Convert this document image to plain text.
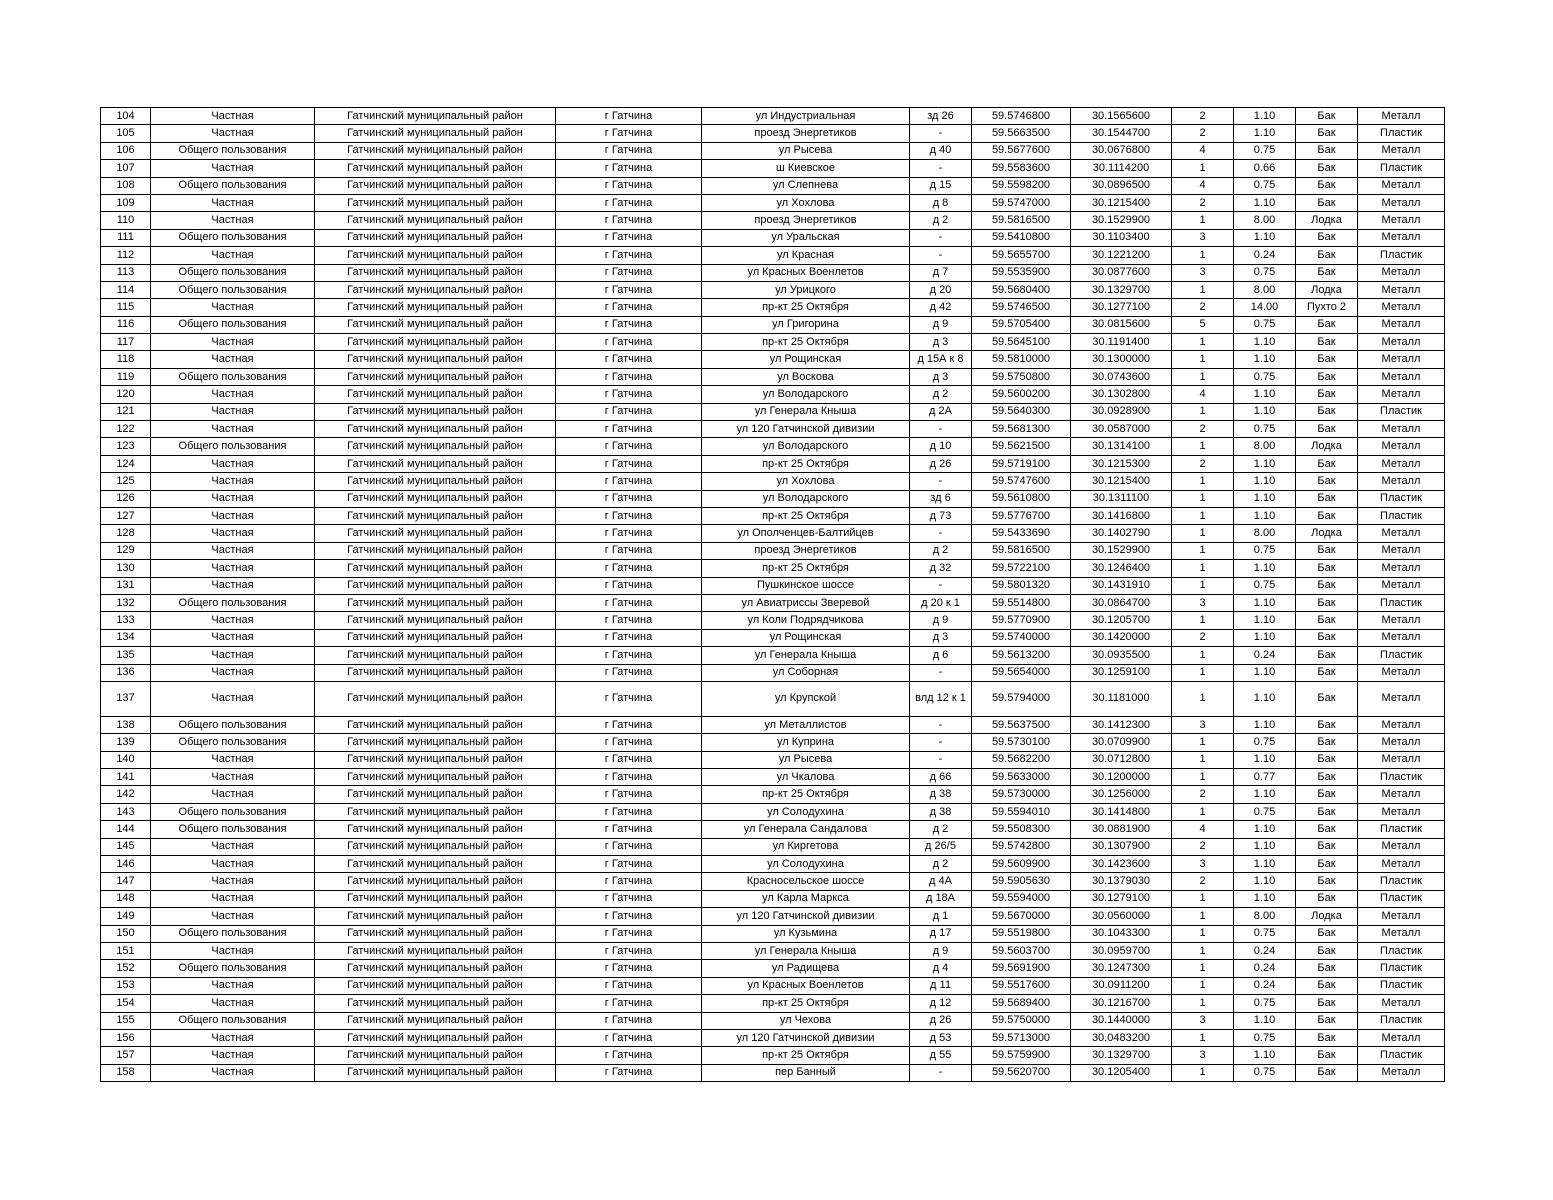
104	Частная	Гатчинский муниципальный район	г Гатчина	ул Индустриальная	зд 26	59.5746800	30.1565600	2	1.10	Бак	Металл
105	Частная	Гатчинский муниципальный район	г Гатчина	проезд Энергетиков	-	59.5663500	30.1544700	2	1.10	Бак	Пластик
106	Общего пользования	Гатчинский муниципальный район	г Гатчина	ул Рысева	д 40	59.5677600	30.0676800	4	0.75	Бак	Металл
107	Частная	Гатчинский муниципальный район	г Гатчина	ш Киевское	-	59.5583600	30.1114200	1	0.66	Бак	Пластик
108	Общего пользования	Гатчинский муниципальный район	г Гатчина	ул Слепнева	д 15	59.5598200	30.0896500	4	0.75	Бак	Металл
109	Частная	Гатчинский муниципальный район	г Гатчина	ул Хохлова	д 8	59.5747000	30.1215400	2	1.10	Бак	Металл
110	Частная	Гатчинский муниципальный район	г Гатчина	проезд Энергетиков	д 2	59.5816500	30.1529900	1	8.00	Лодка	Металл
111	Общего пользования	Гатчинский муниципальный район	г Гатчина	ул Уральская	-	59.5410800	30.1103400	3	1.10	Бак	Металл
112	Частная	Гатчинский муниципальный район	г Гатчина	ул Красная	-	59.5655700	30.1221200	1	0.24	Бак	Пластик
113	Общего пользования	Гатчинский муниципальный район	г Гатчина	ул Красных Военлетов	д 7	59.5535900	30.0877600	3	0.75	Бак	Металл
114	Общего пользования	Гатчинский муниципальный район	г Гатчина	ул Урицкого	д 20	59.5680400	30.1329700	1	8.00	Лодка	Металл
115	Частная	Гатчинский муниципальный район	г Гатчина	пр-кт 25 Октября	д 42	59.5746500	30.1277100	2	14.00	Пухто 2	Металл
116	Общего пользования	Гатчинский муниципальный район	г Гатчина	ул Григорина	д 9	59.5705400	30.0815600	5	0.75	Бак	Металл
117	Частная	Гатчинский муниципальный район	г Гатчина	пр-кт 25 Октября	д 3	59.5645100	30.1191400	1	1.10	Бак	Металл
118	Частная	Гатчинский муниципальный район	г Гатчина	ул Рощинская	д 15А к 8	59.5810000	30.1300000	1	1.10	Бак	Металл
119	Общего пользования	Гатчинский муниципальный район	г Гатчина	ул Воскова	д 3	59.5750800	30.0743600	1	0.75	Бак	Металл
120	Частная	Гатчинский муниципальный район	г Гатчина	ул Володарского	д 2	59.5600200	30.1302800	4	1.10	Бак	Металл
121	Частная	Гатчинский муниципальный район	г Гатчина	ул Генерала Кныша	д 2А	59.5640300	30.0928900	1	1.10	Бак	Пластик
122	Частная	Гатчинский муниципальный район	г Гатчина	ул 120 Гатчинской дивизии	-	59.5681300	30.0587000	2	0.75	Бак	Металл
123	Общего пользования	Гатчинский муниципальный район	г Гатчина	ул Володарского	д 10	59.5621500	30.1314100	1	8.00	Лодка	Металл
124	Частная	Гатчинский муниципальный район	г Гатчина	пр-кт 25 Октября	д 26	59.5719100	30.1215300	2	1.10	Бак	Металл
125	Частная	Гатчинский муниципальный район	г Гатчина	ул Хохлова	-	59.5747600	30.1215400	1	1.10	Бак	Металл
126	Частная	Гатчинский муниципальный район	г Гатчина	ул Володарского	зд 6	59.5610800	30.1311100	1	1.10	Бак	Пластик
127	Частная	Гатчинский муниципальный район	г Гатчина	пр-кт 25 Октября	д 73	59.5776700	30.1416800	1	1.10	Бак	Пластик
128	Частная	Гатчинский муниципальный район	г Гатчина	ул Ополченцев-Балтийцев	-	59.5433690	30.1402790	1	8.00	Лодка	Металл
129	Частная	Гатчинский муниципальный район	г Гатчина	проезд Энергетиков	д 2	59.5816500	30.1529900	1	0.75	Бак	Металл
130	Частная	Гатчинский муниципальный район	г Гатчина	пр-кт 25 Октября	д 32	59.5722100	30.1246400	1	1.10	Бак	Металл
131	Частная	Гатчинский муниципальный район	г Гатчина	Пушкинское шоссе	-	59.5801320	30.1431910	1	0.75	Бак	Металл
132	Общего пользования	Гатчинский муниципальный район	г Гатчина	ул Авиатриссы Зверевой	д 20 к 1	59.5514800	30.0864700	3	1.10	Бак	Пластик
133	Частная	Гатчинский муниципальный район	г Гатчина	ул Коли Подрядчикова	д 9	59.5770900	30.1205700	1	1.10	Бак	Металл
134	Частная	Гатчинский муниципальный район	г Гатчина	ул Рощинская	д 3	59.5740000	30.1420000	2	1.10	Бак	Металл
135	Частная	Гатчинский муниципальный район	г Гатчина	ул Генерала Кныша	д 6	59.5613200	30.0935500	1	0.24	Бак	Пластик
136	Частная	Гатчинский муниципальный район	г Гатчина	ул Соборная	-	59.5654000	30.1259100	1	1.10	Бак	Металл
137	Частная	Гатчинский муниципальный район	г Гатчина	ул Крупской	влд 12 к 1	59.5794000	30.1181000	1	1.10	Бак	Металл
138	Общего пользования	Гатчинский муниципальный район	г Гатчина	ул Металлистов	-	59.5637500	30.1412300	3	1.10	Бак	Металл
139	Общего пользования	Гатчинский муниципальный район	г Гатчина	ул Куприна	-	59.5730100	30.0709900	1	0.75	Бак	Металл
140	Частная	Гатчинский муниципальный район	г Гатчина	ул Рысева	-	59.5682200	30.0712800	1	1.10	Бак	Металл
141	Частная	Гатчинский муниципальный район	г Гатчина	ул Чкалова	д 66	59.5633000	30.1200000	1	0.77	Бак	Пластик
142	Частная	Гатчинский муниципальный район	г Гатчина	пр-кт 25 Октября	д 38	59.5730000	30.1256000	2	1.10	Бак	Металл
143	Общего пользования	Гатчинский муниципальный район	г Гатчина	ул Солодухина	д 38	59.5594010	30.1414800	1	0.75	Бак	Металл
144	Общего пользования	Гатчинский муниципальный район	г Гатчина	ул Генерала Сандалова	д 2	59.5508300	30.0881900	4	1.10	Бак	Пластик
145	Частная	Гатчинский муниципальный район	г Гатчина	ул Киргетова	д 26/5	59.5742800	30.1307900	2	1.10	Бак	Металл
146	Частная	Гатчинский муниципальный район	г Гатчина	ул Солодухина	д 2	59.5609900	30.1423600	3	1.10	Бак	Металл
147	Частная	Гатчинский муниципальный район	г Гатчина	Красносельское шоссе	д 4А	59.5905630	30.1379030	2	1.10	Бак	Пластик
148	Частная	Гатчинский муниципальный район	г Гатчина	ул Карла Маркса	д 18А	59.5594000	30.1279100	1	1.10	Бак	Пластик
149	Частная	Гатчинский муниципальный район	г Гатчина	ул 120 Гатчинской дивизии	д 1	59.5670000	30.0560000	1	8.00	Лодка	Металл
150	Общего пользования	Гатчинский муниципальный район	г Гатчина	ул Кузьмина	д 17	59.5519800	30.1043300	1	0.75	Бак	Металл
151	Частная	Гатчинский муниципальный район	г Гатчина	ул Генерала Кныша	д 9	59.5603700	30.0959700	1	0.24	Бак	Пластик
152	Общего пользования	Гатчинский муниципальный район	г Гатчина	ул Радищева	д 4	59.5691900	30.1247300	1	0.24	Бак	Пластик
153	Частная	Гатчинский муниципальный район	г Гатчина	ул Красных Военлетов	д 11	59.5517600	30.0911200	1	0.24	Бак	Пластик
154	Частная	Гатчинский муниципальный район	г Гатчина	пр-кт 25 Октября	д 12	59.5689400	30.1216700	1	0.75	Бак	Металл
155	Общего пользования	Гатчинский муниципальный район	г Гатчина	ул Чехова	д 26	59.5750000	30.1440000	3	1.10	Бак	Пластик
156	Частная	Гатчинский муниципальный район	г Гатчина	ул 120 Гатчинской дивизии	д 53	59.5713000	30.0483200	1	0.75	Бак	Металл
157	Частная	Гатчинский муниципальный район	г Гатчина	пр-кт 25 Октября	д 55	59.5759900	30.1329700	3	1.10	Бак	Пластик
158	Частная	Гатчинский муниципальный район	г Гатчина	пер Банный	-	59.5620700	30.1205400	1	0.75	Бак	Металл
